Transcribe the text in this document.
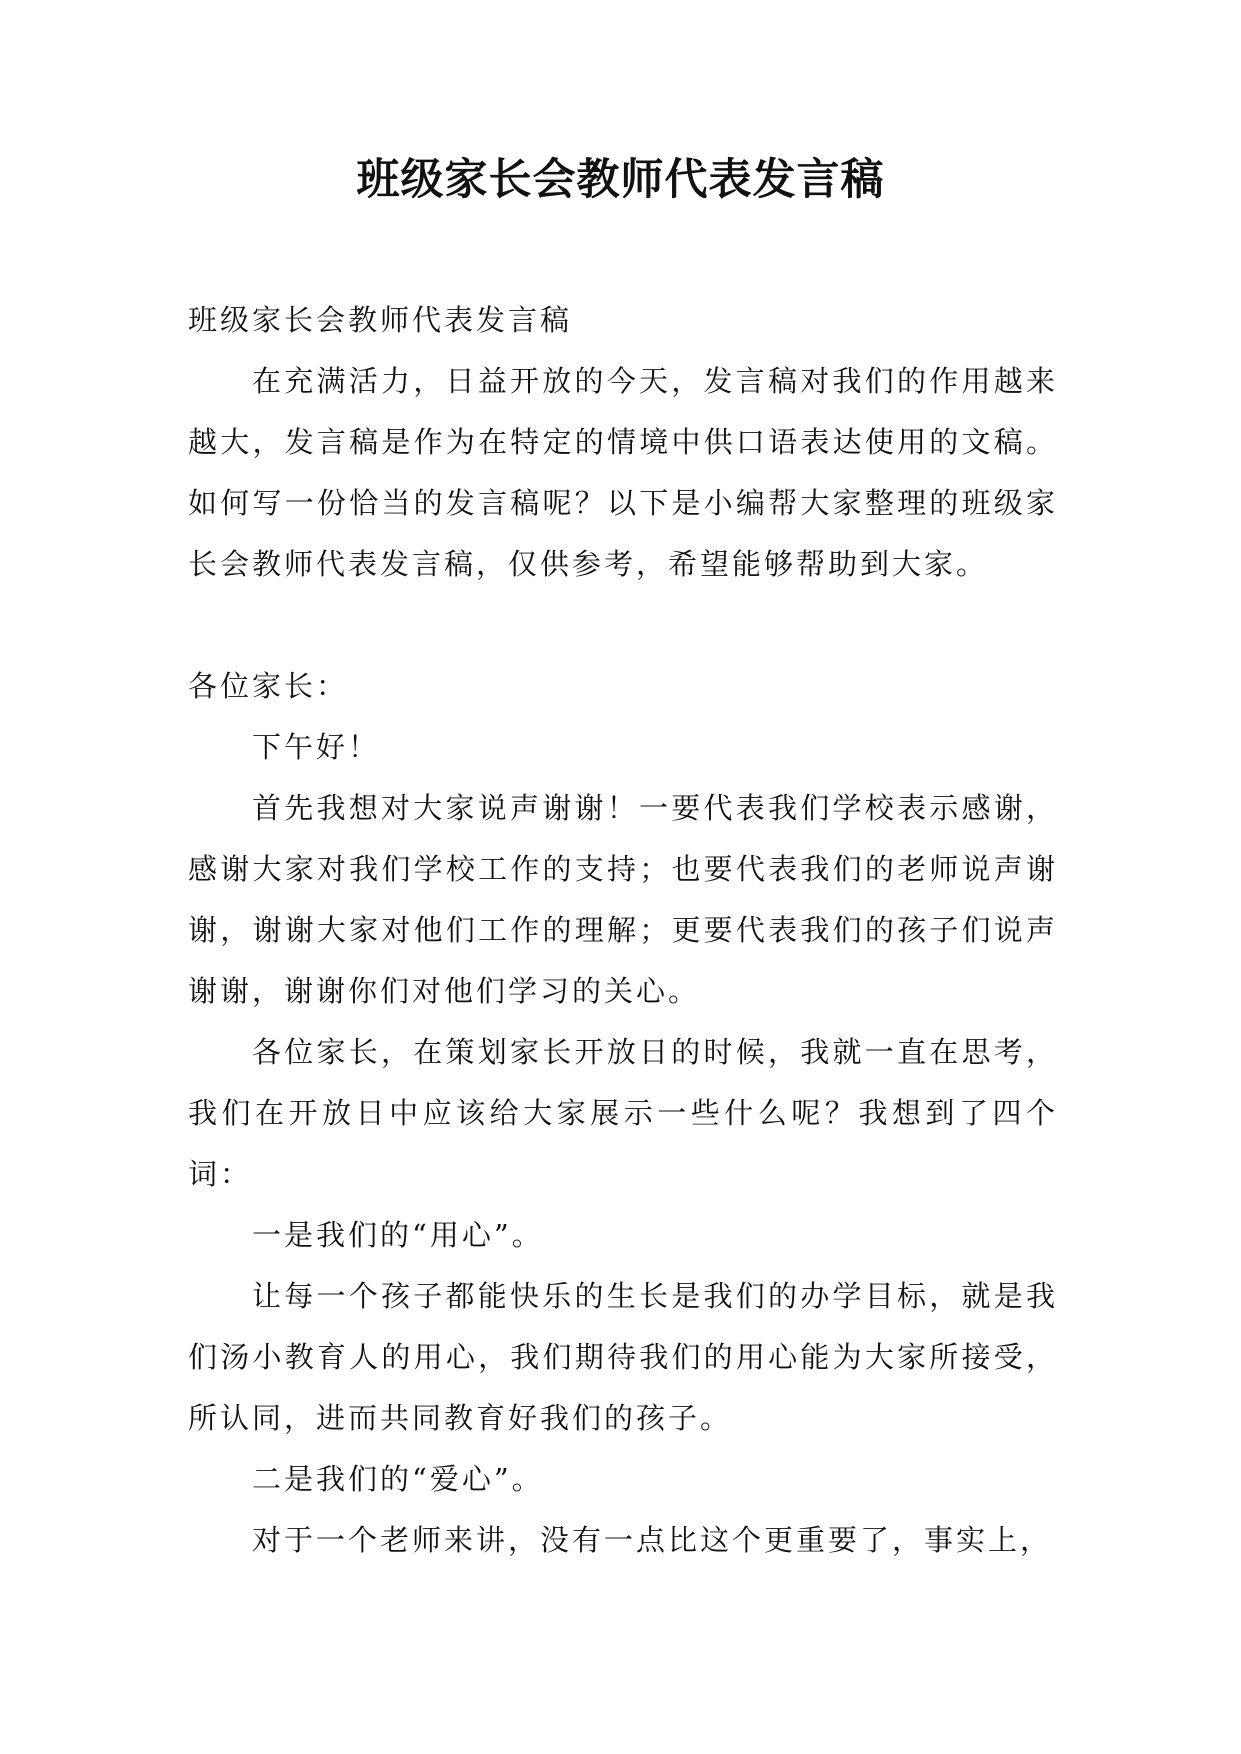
班级家长会教师代表发言稿

班级家长会教师代表发言稿

在充满活力，日益开放的今天，发言稿对我们的作用越来越大，发言稿是作为在特定的情境中供口语表达使用的文稿。如何写一份恰当的发言稿呢？以下是小编帮大家整理的班级家长会教师代表发言稿，仅供参考，希望能够帮助到大家。

各位家长：

下午好！

首先我想对大家说声谢谢！一要代表我们学校表示感谢，感谢大家对我们学校工作的支持；也要代表我们的老师说声谢谢，谢谢大家对他们工作的理解；更要代表我们的孩子们说声谢谢，谢谢你们对他们学习的关心。

各位家长，在策划家长开放日的时候，我就一直在思考，我们在开放日中应该给大家展示一些什么呢？我想到了四个词：

一是我们的“用心”。

让每一个孩子都能快乐的生长是我们的办学目标，就是我们汤小教育人的用心，我们期待我们的用心能为大家所接受，所认同，进而共同教育好我们的孩子。

二是我们的“爱心”。

对于一个老师来讲，没有一点比这个更重要了，事实上，
